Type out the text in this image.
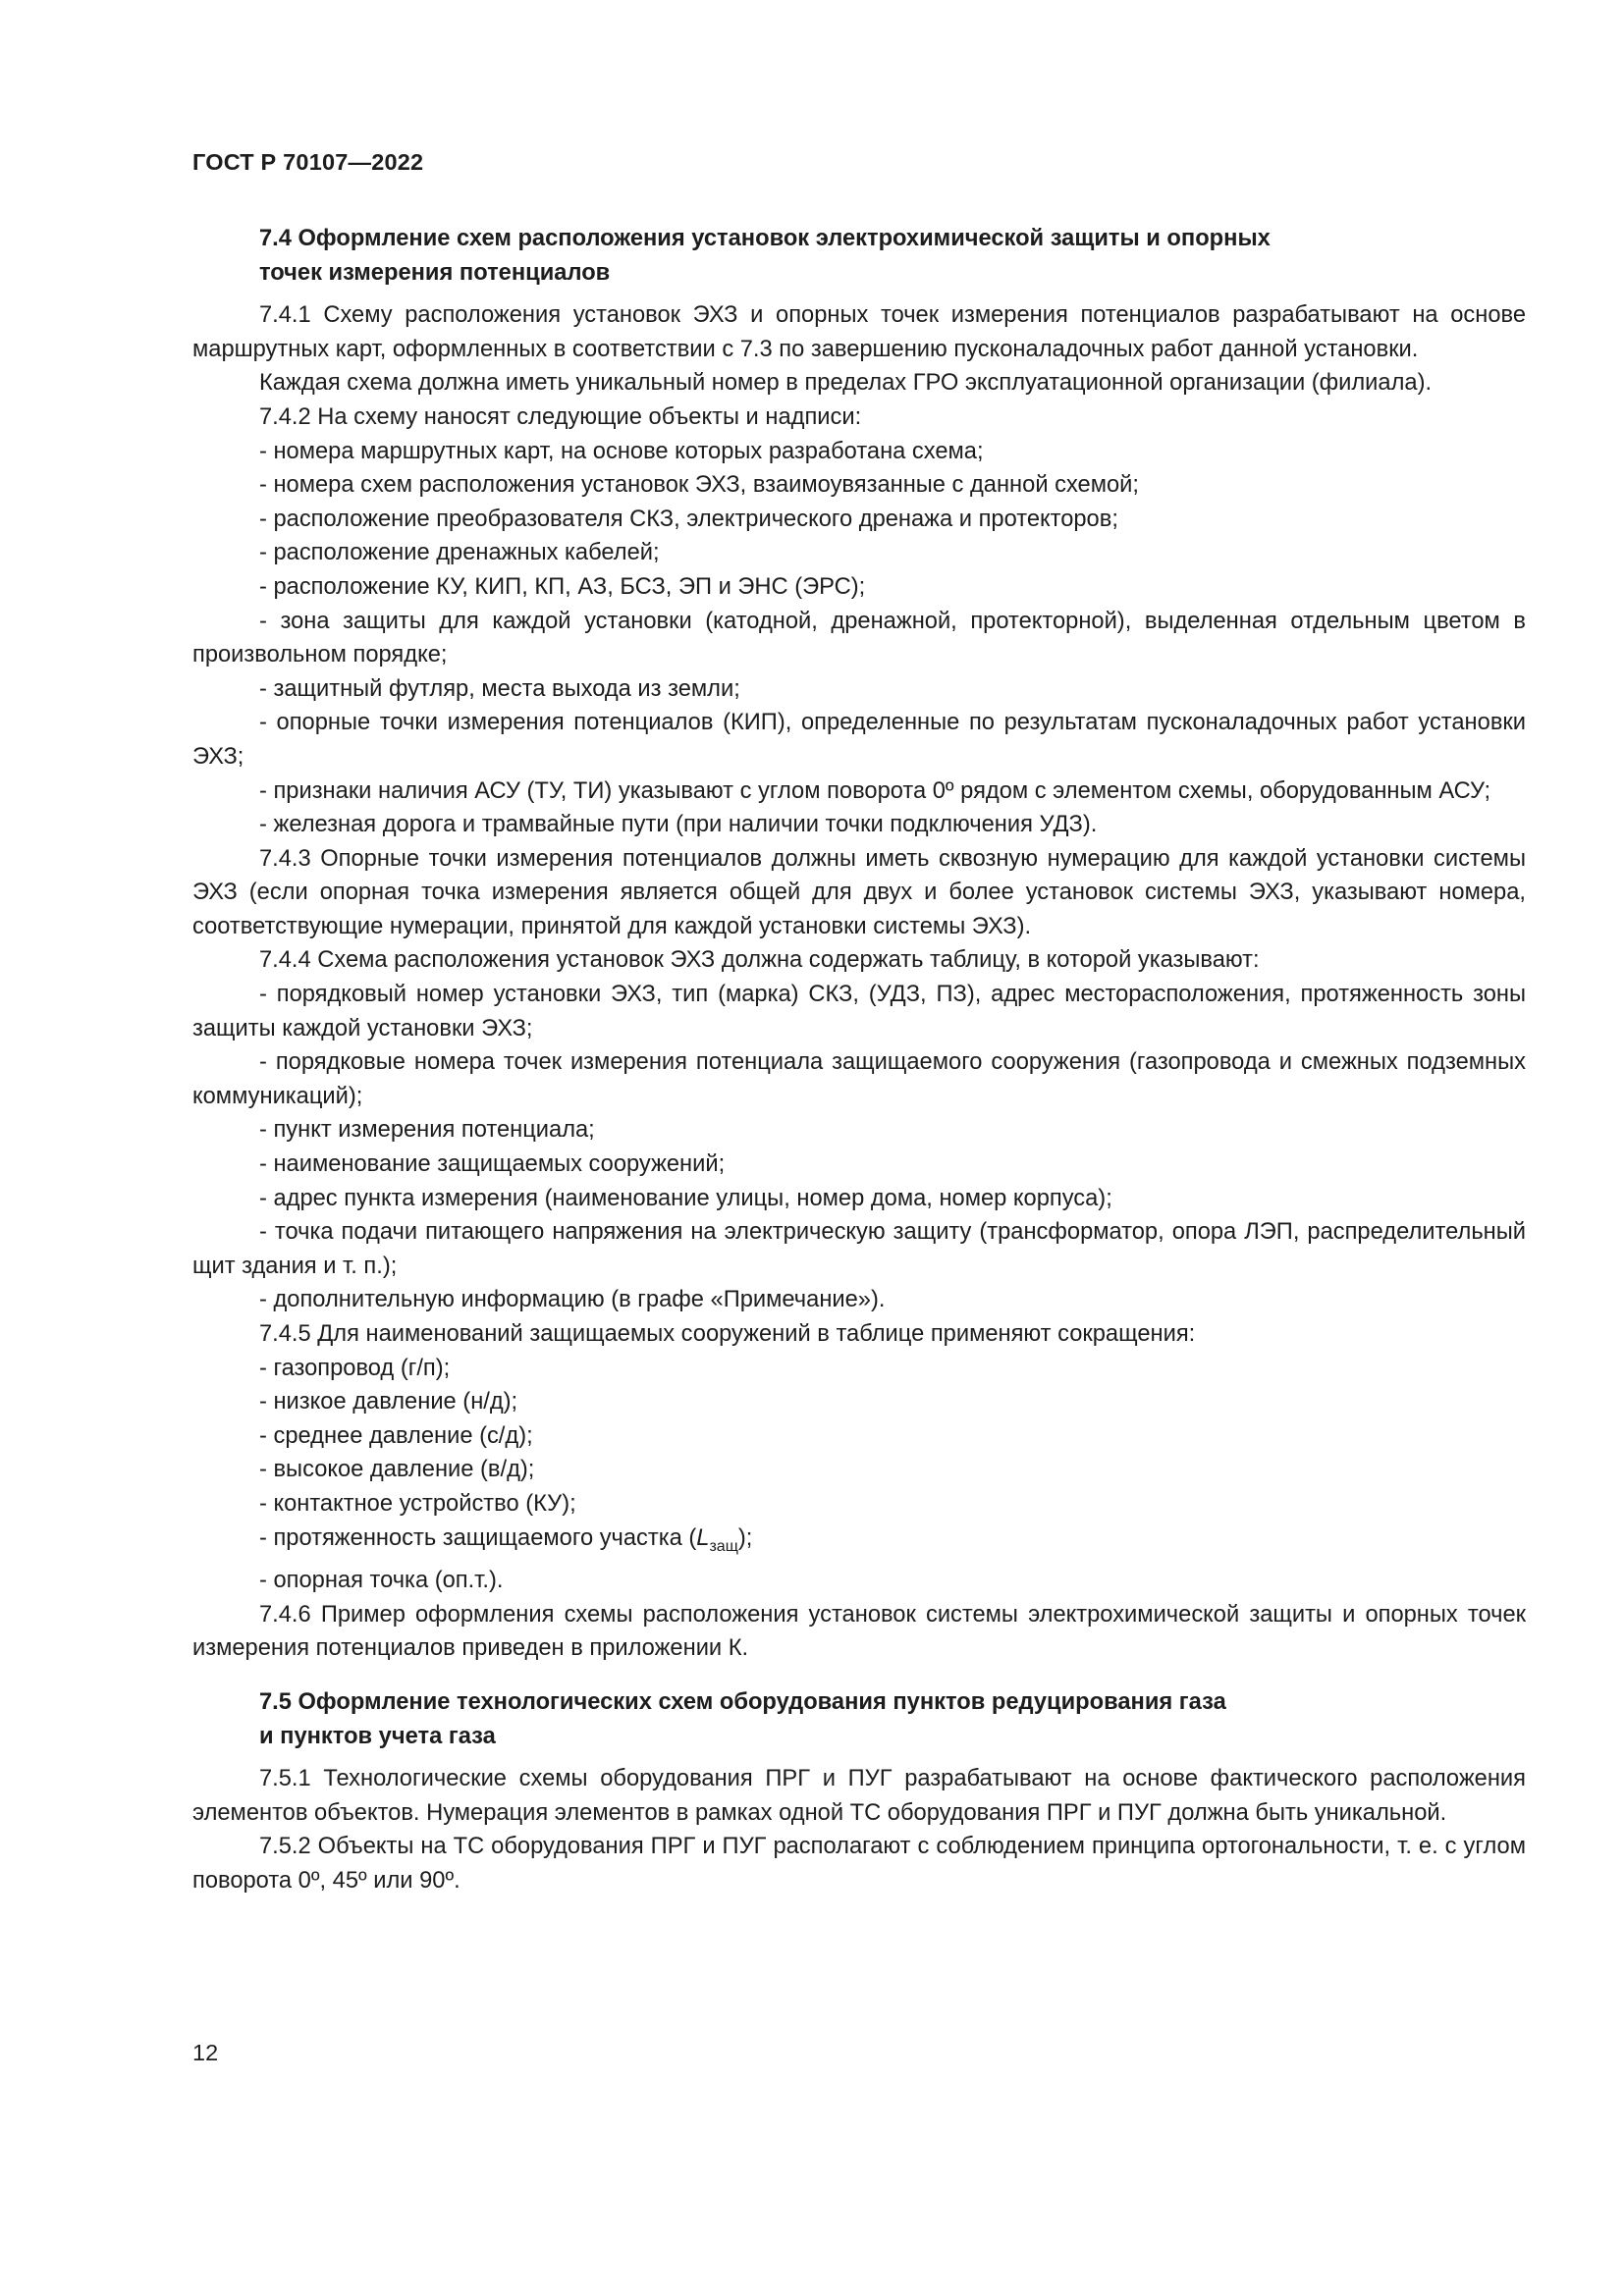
ГОСТ Р 70107—2022
7.4 Оформление схем расположения установок электрохимической защиты и опорных
точек измерения потенциалов

7.4.1 Схему расположения установок ЭХЗ и опорных точек измерения потенциалов разрабатывают на основе маршрутных карт, оформленных в соответствии с 7.3 по завершению пусконаладочных работ данной установки.

Каждая схема должна иметь уникальный номер в пределах ГРО эксплуатационной организации (филиала).

7.4.2 На схему наносят следующие объекты и надписи:

- номера маршрутных карт, на основе которых разработана схема;

- номера схем расположения установок ЭХЗ, взаимоувязанные с данной схемой;

- расположение преобразователя СКЗ, электрического дренажа и протекторов;

- расположение дренажных кабелей;

- расположение КУ, КИП, КП, АЗ, БСЗ, ЭП и ЭНС (ЭРС);

- зона защиты для каждой установки (катодной, дренажной, протекторной), выделенная отдельным цветом в произвольном порядке;

- защитный футляр, места выхода из земли;

- опорные точки измерения потенциалов (КИП), определенные по результатам пусконаладочных работ установки ЭХЗ;

- признаки наличия АСУ (ТУ, ТИ) указывают с углом поворота 0º рядом с элементом схемы, оборудованным АСУ;

- железная дорога и трамвайные пути (при наличии точки подключения УДЗ).

7.4.3 Опорные точки измерения потенциалов должны иметь сквозную нумерацию для каждой установки системы ЭХЗ (если опорная точка измерения является общей для двух и более установок системы ЭХЗ, указывают номера, соответствующие нумерации, принятой для каждой установки системы ЭХЗ).

7.4.4 Схема расположения установок ЭХЗ должна содержать таблицу, в которой указывают:

- порядковый номер установки ЭХЗ, тип (марка) СКЗ, (УДЗ, ПЗ), адрес месторасположения, протяженность зоны защиты каждой установки ЭХЗ;

- порядковые номера точек измерения потенциала защищаемого сооружения (газопровода и смежных подземных коммуникаций);

- пункт измерения потенциала;

- наименование защищаемых сооружений;

- адрес пункта измерения (наименование улицы, номер дома, номер корпуса);

- точка подачи питающего напряжения на электрическую защиту (трансформатор, опора ЛЭП, распределительный щит здания и т. п.);

- дополнительную информацию (в графе «Примечание»).

7.4.5 Для наименований защищаемых сооружений в таблице применяют сокращения:

- газопровод (г/п);

- низкое давление (н/д);

- среднее давление (с/д);

- высокое давление (в/д);

- контактное устройство (КУ);

- протяженность защищаемого участка $(L_{защ})$;

- опорная точка (оп.т.).

7.4.6 Пример оформления схемы расположения установок системы электрохимической защиты и опорных точек измерения потенциалов приведен в приложении К.

7.5 Оформление технологических схем оборудования пунктов редуцирования газа
и пунктов учета газа

7.5.1 Технологические схемы оборудования ПРГ и ПУГ разрабатывают на основе фактического расположения элементов объектов. Нумерация элементов в рамках одной ТС оборудования ПРГ и ПУГ должна быть уникальной.

7.5.2 Объекты на ТС оборудования ПРГ и ПУГ располагают с соблюдением принципа ортогональности, т. е. с углом поворота 0º, 45º или 90º.

12
